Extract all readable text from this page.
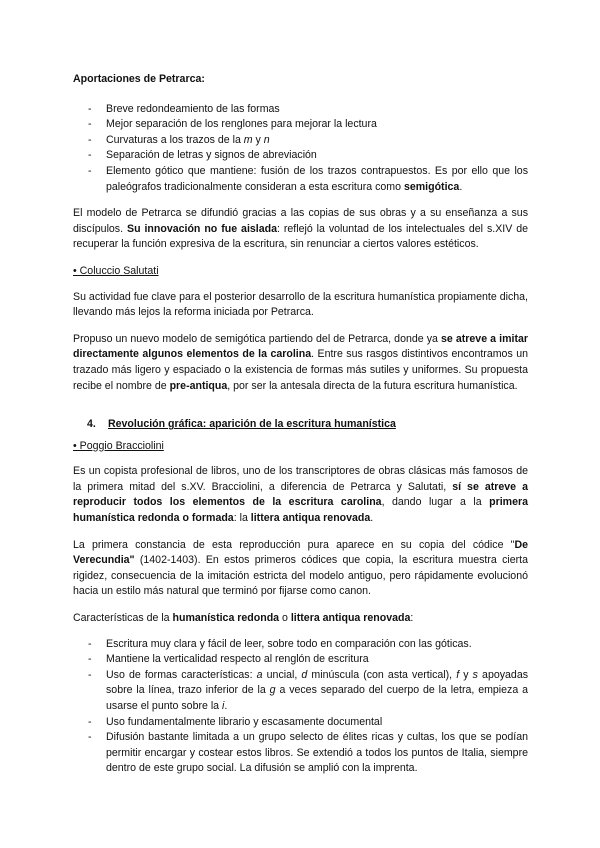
Aportaciones de Petrarca:

- Breve redondeamiento de las formas
- Mejor separación de los renglones para mejorar la lectura
- Curvaturas a los trazos de la m y n
- Separación de letras y signos de abreviación
- Elemento gótico que mantiene: fusión de los trazos contrapuestos. Es por ello que los paleógrafos tradicionalmente consideran a esta escritura como semigótica.

El modelo de Petrarca se difundió gracias a las copias de sus obras y a su enseñanza a sus discípulos. Su innovación no fue aislada: reflejó la voluntad de los intelectuales del s.XIV de recuperar la función expresiva de la escritura, sin renunciar a ciertos valores estéticos.

• Coluccio Salutati

Su actividad fue clave para el posterior desarrollo de la escritura humanística propiamente dicha, llevando más lejos la reforma iniciada por Petrarca.

Propuso un nuevo modelo de semigótica partiendo del de Petrarca, donde ya se atreve a imitar directamente algunos elementos de la carolina. Entre sus rasgos distintivos encontramos un trazado más ligero y espaciado o la existencia de formas más sutiles y uniformes. Su propuesta recibe el nombre de pre-antiqua, por ser la antesala directa de la futura escritura humanística.

4. Revolución gráfica: aparición de la escritura humanística

• Poggio Bracciolini

Es un copista profesional de libros, uno de los transcriptores de obras clásicas más famosos de la primera mitad del s.XV. Bracciolini, a diferencia de Petrarca y Salutati, sí se atreve a reproducir todos los elementos de la escritura carolina, dando lugar a la primera humanística redonda o formada: la littera antiqua renovada.

La primera constancia de esta reproducción pura aparece en su copia del códice "De Verecundia" (1402-1403). En estos primeros códices que copia, la escritura muestra cierta rigidez, consecuencia de la imitación estricta del modelo antiguo, pero rápidamente evolucionó hacia un estilo más natural que terminó por fijarse como canon.

Características de la humanística redonda o littera antiqua renovada:

- Escritura muy clara y fácil de leer, sobre todo en comparación con las góticas.
- Mantiene la verticalidad respecto al renglón de escritura
- Uso de formas características: a uncial, d minúscula (con asta vertical), f y s apoyadas sobre la línea, trazo inferior de la g a veces separado del cuerpo de la letra, empieza a usarse el punto sobre la i.
- Uso fundamentalmente librario y escasamente documental
- Difusión bastante limitada a un grupo selecto de élites ricas y cultas, los que se podían permitir encargar y costear estos libros. Se extendió a todos los puntos de Italia, siempre dentro de este grupo social. La difusión se amplió con la imprenta.
